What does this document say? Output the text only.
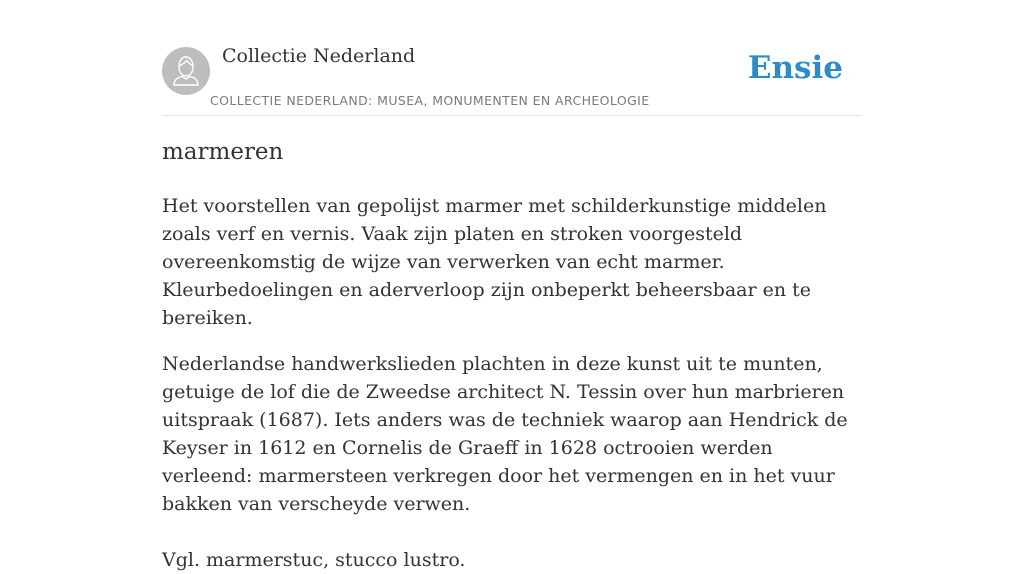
Collectie Nederland
COLLECTIE NEDERLAND: MUSEA, MONUMENTEN EN ARCHEOLOGIE
Ensie
marmeren

Het voorstellen van gepolijst marmer met schilderkunstige middelen zoals verf en vernis. Vaak zijn platen en stroken voorgesteld overeenkomstig de wijze van verwerken van echt marmer. Kleurbedoelingen en aderverloop zijn onbeperkt beheersbaar en te bereiken.

Nederlandse handwerkslieden plachten in deze kunst uit te munten, getuige de lof die de Zweedse architect N. Tessin over hun marbrieren uitspraak (1687). Iets anders was de techniek waarop aan Hendrick de Keyser in 1612 en Cornelis de Graeff in 1628 octrooien werden verleend: marmersteen verkregen door het vermengen en in het vuur bakken van verscheyde verwen.

Vgl. marmerstuc, stucco lustro.
